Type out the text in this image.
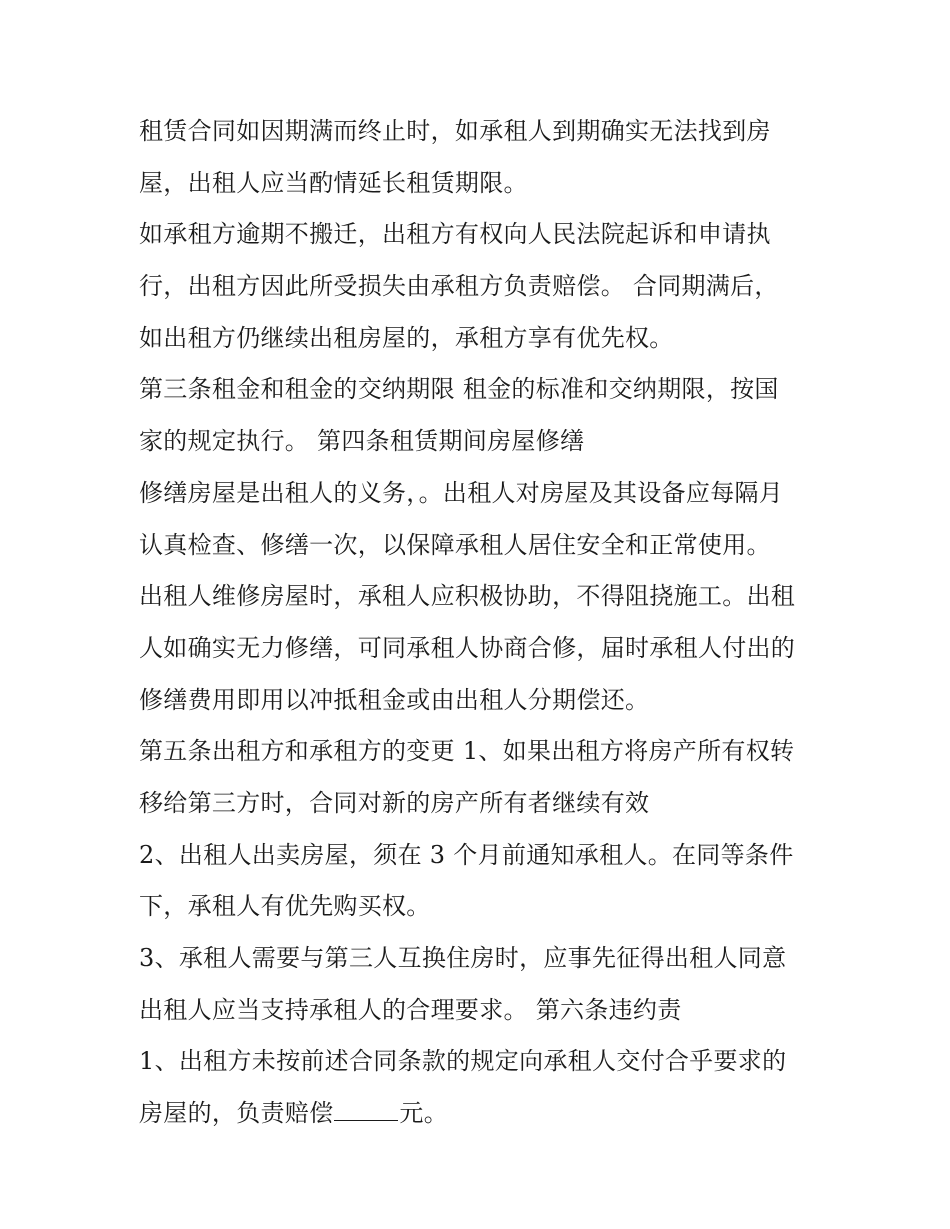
租赁合同如因期满而终止时，如承租人到期确实无法找到房
屋，出租人应当酌情延长租赁期限。
如承租方逾期不搬迁，出租方有权向人民法院起诉和申请执
行，出租方因此所受损失由承租方负责赔偿。 合同期满后，
如出租方仍继续出租房屋的，承租方享有优先权。
第三条租金和租金的交纳期限 租金的标准和交纳期限，按国
家的规定执行。 第四条租赁期间房屋修缮
修缮房屋是出租人的义务，。出租人对房屋及其设备应每隔月
认真检查、修缮一次，以保障承租人居住安全和正常使用。
出租人维修房屋时，承租人应积极协助，不得阻挠施工。出租
人如确实无力修缮，可同承租人协商合修，届时承租人付出的
修缮费用即用以冲抵租金或由出租人分期偿还。
第五条出租方和承租方的变更 1、如果出租方将房产所有权转
移给第三方时，合同对新的房产所有者继续有效
2、出租人出卖房屋，须在 3 个月前通知承租人。在同等条件
下，承租人有优先购买权。
3、承租人需要与第三人互换住房时，应事先征得出租人同意
出租人应当支持承租人的合理要求。 第六条违约责
1、出租方未按前述合同条款的规定向承租人交付合乎要求的
房屋的，负责赔偿	元。
